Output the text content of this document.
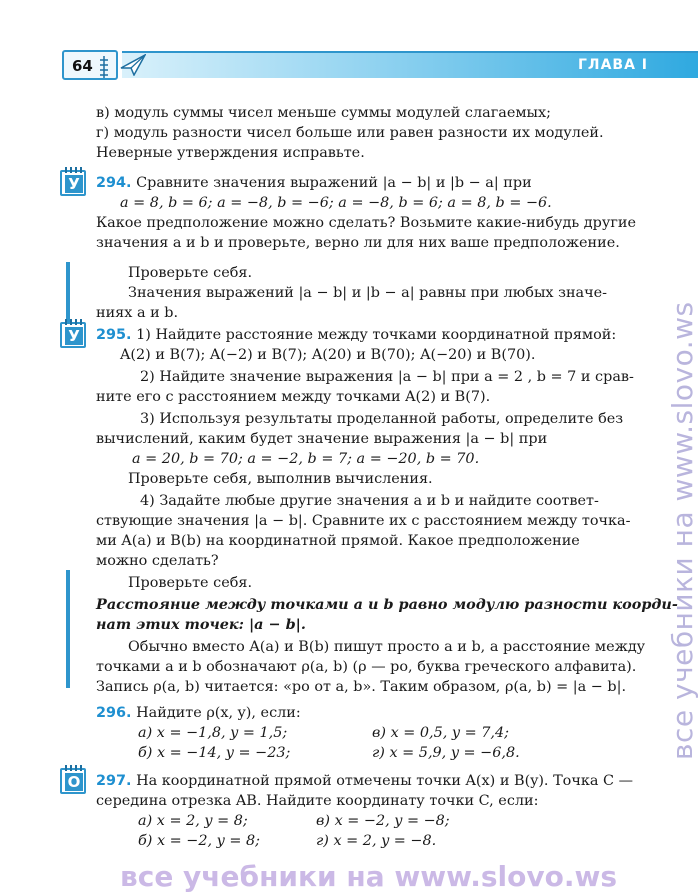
64	ГЛАВА I
в) модуль суммы чисел меньше суммы модулей слагаемых;
г) модуль разности чисел больше или равен разности их модулей.
Неверные утверждения исправьте.
У 294. Сравните значения выражений |a − b| и |b − a| при
a = 8, b = 6; a = −8, b = −6; a = −8, b = 6; a = 8, b = −6.
Какое предположение можно сделать? Возьмите какие-нибудь другие
значения a и b и проверьте, верно ли для них ваше предположение.
Проверьте себя.
Значения выражений |a − b| и |b − a| равны при любых значе-
ниях a и b.
У 295. 1) Найдите расстояние между точками координатной прямой:
A(2) и B(7); A(−2) и B(7); A(20) и B(70); A(−20) и B(70).
2) Найдите значение выражения |a − b| при a = 2 , b = 7 и срав-
ните его с расстоянием между точками A(2) и B(7).
3) Используя результаты проделанной работы, определите без
вычислений, каким будет значение выражения |a − b| при
a = 20, b = 70; a = −2, b = 7; a = −20, b = 70.
Проверьте себя, выполнив вычисления.
4) Задайте любые другие значения a и b и найдите соответ-
ствующие значения |a − b|. Сравните их с расстоянием между точка-
ми A(a) и B(b) на координатной прямой. Какое предположение
можно сделать?
Проверьте себя.
Расстояние между точками a и b равно модулю разности коорди-
нат этих точек: |a − b|.
Обычно вместо A(a) и B(b) пишут просто a и b, а расстояние между
точками a и b обозначают ρ(a, b) (ρ — ро, буква греческого алфавита).
Запись ρ(a, b) читается: «ро от a, b». Таким образом, ρ(a, b) = |a − b|.
296. Найдите ρ(x, y), если:
а) x = −1,8, y = 1,5;	в) x = 0,5, y = 7,4;
б) x = −14, y = −23;	г) x = 5,9, y = −6,8.
О 297. На координатной прямой отмечены точки A(x) и B(y). Точка C —
середина отрезка AB. Найдите координату точки C, если:
а) x = 2, y = 8;	в) x = −2, y = −8;
б) x = −2, y = 8;	г) x = 2, y = −8.
все учебники на www.slovo.ws
все учебники на www.slovo.ws
